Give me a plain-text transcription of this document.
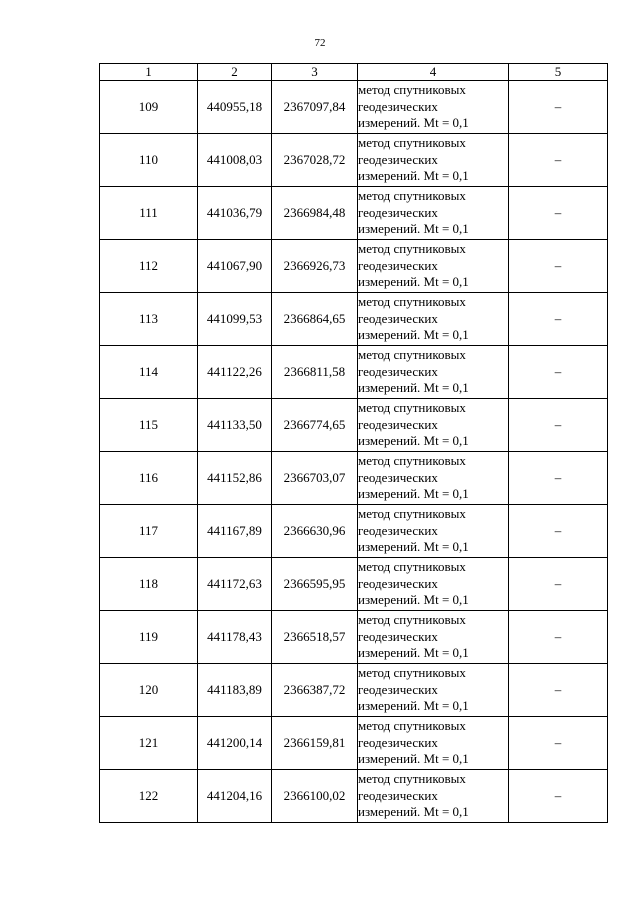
72
1	2	3	4	5
109	440955,18	2367097,84	метод спутниковых
геодезических
измерений. Mt = 0,1	–
110	441008,03	2367028,72	метод спутниковых
геодезических
измерений. Mt = 0,1	–
111	441036,79	2366984,48	метод спутниковых
геодезических
измерений. Mt = 0,1	–
112	441067,90	2366926,73	метод спутниковых
геодезических
измерений. Mt = 0,1	–
113	441099,53	2366864,65	метод спутниковых
геодезических
измерений. Mt = 0,1	–
114	441122,26	2366811,58	метод спутниковых
геодезических
измерений. Mt = 0,1	–
115	441133,50	2366774,65	метод спутниковых
геодезических
измерений. Mt = 0,1	–
116	441152,86	2366703,07	метод спутниковых
геодезических
измерений. Mt = 0,1	–
117	441167,89	2366630,96	метод спутниковых
геодезических
измерений. Mt = 0,1	–
118	441172,63	2366595,95	метод спутниковых
геодезических
измерений. Mt = 0,1	–
119	441178,43	2366518,57	метод спутниковых
геодезических
измерений. Mt = 0,1	–
120	441183,89	2366387,72	метод спутниковых
геодезических
измерений. Mt = 0,1	–
121	441200,14	2366159,81	метод спутниковых
геодезических
измерений. Mt = 0,1	–
122	441204,16	2366100,02	метод спутниковых
геодезических
измерений. Mt = 0,1	–
